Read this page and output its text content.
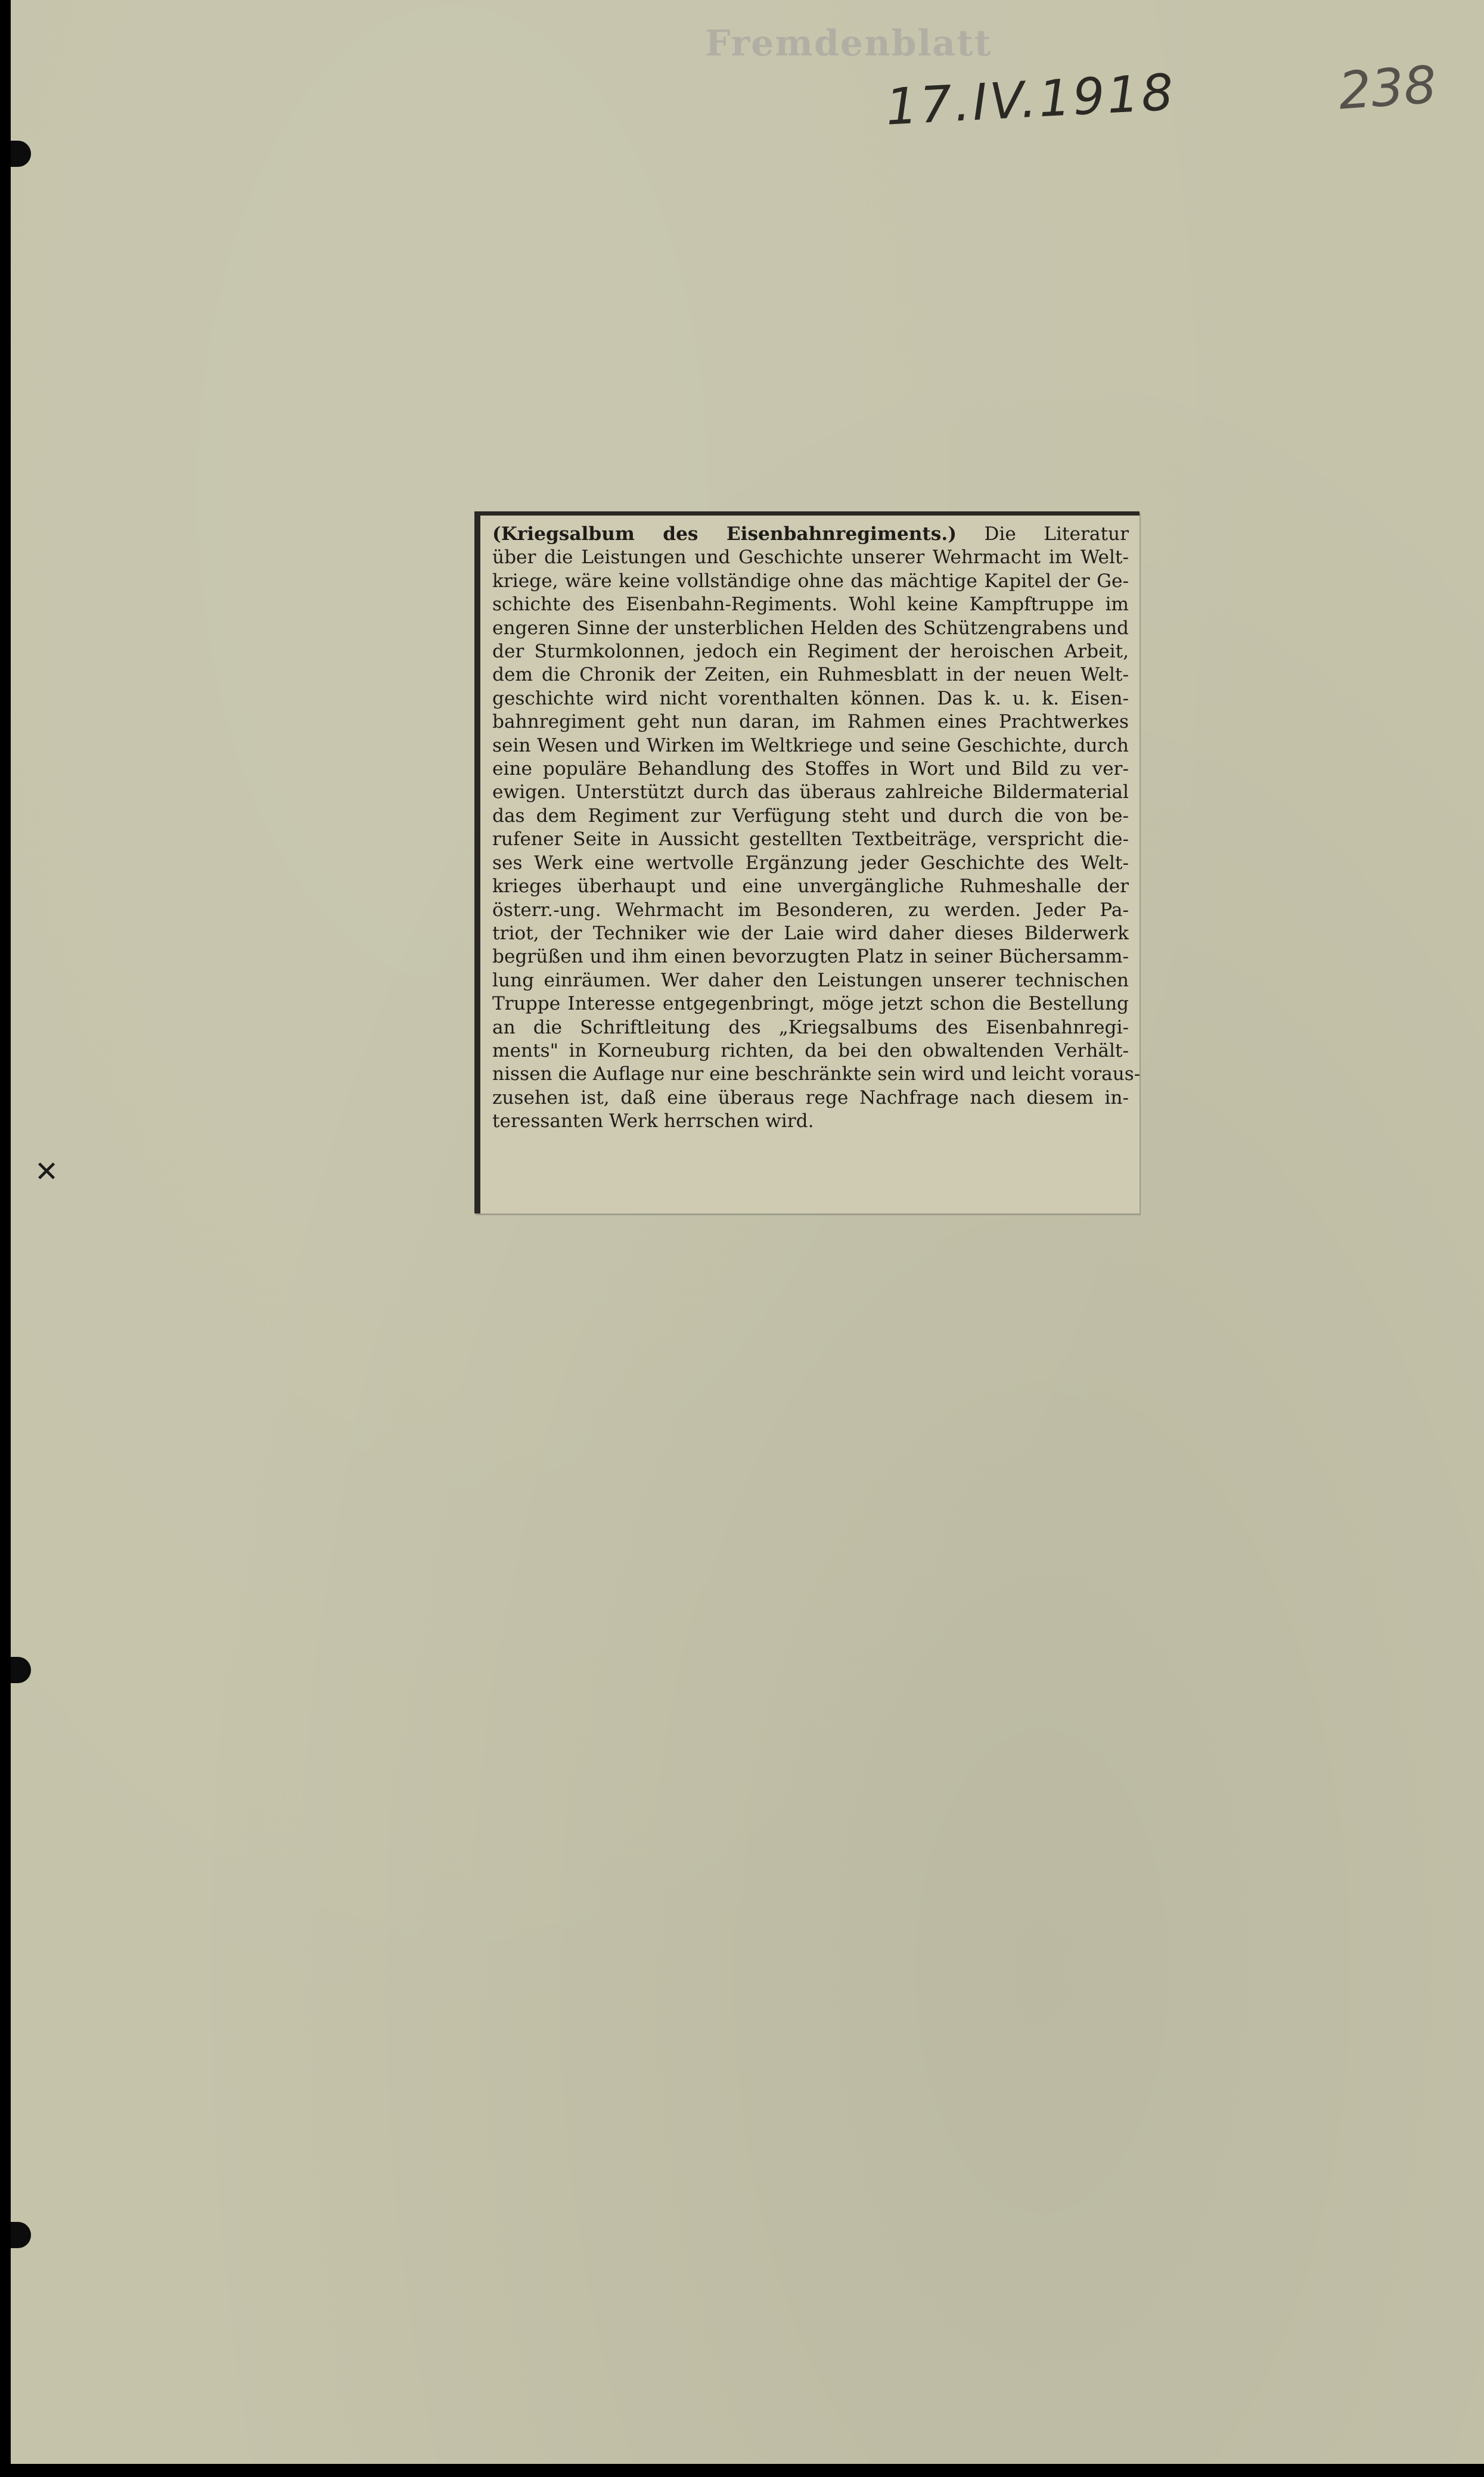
Fremdenblatt
17.IV.1918	238
✕
(Kriegsalbum des Eisenbahnregiments.) Die Literatur
über die Leistungen und Geschichte unserer Wehrmacht im Welt-
kriege, wäre keine vollständige ohne das mächtige Kapitel der Ge-
schichte des Eisenbahn-Regiments. Wohl keine Kampftruppe im
engeren Sinne der unsterblichen Helden des Schützengrabens und
der Sturmkolonnen, jedoch ein Regiment der heroischen Arbeit,
dem die Chronik der Zeiten, ein Ruhmesblatt in der neuen Welt-
geschichte wird nicht vorenthalten können. Das k. u. k. Eisen-
bahnregiment geht nun daran, im Rahmen eines Prachtwerkes
sein Wesen und Wirken im Weltkriege und seine Geschichte, durch
eine populäre Behandlung des Stoffes in Wort und Bild zu ver-
ewigen. Unterstützt durch das überaus zahlreiche Bildermaterial
das dem Regiment zur Verfügung steht und durch die von be-
rufener Seite in Aussicht gestellten Textbeiträge, verspricht die-
ses Werk eine wertvolle Ergänzung jeder Geschichte des Welt-
krieges überhaupt und eine unvergängliche Ruhmeshalle der
österr.-ung. Wehrmacht im Besonderen, zu werden. Jeder Pa-
triot, der Techniker wie der Laie wird daher dieses Bilderwerk
begrüßen und ihm einen bevorzugten Platz in seiner Büchersamm-
lung einräumen. Wer daher den Leistungen unserer technischen
Truppe Interesse entgegenbringt, möge jetzt schon die Bestellung
an die Schriftleitung des „Kriegsalbums des Eisenbahnregi-
ments" in Korneuburg richten, da bei den obwaltenden Verhält-
nissen die Auflage nur eine beschränkte sein wird und leicht voraus-
zusehen ist, daß eine überaus rege Nachfrage nach diesem in-
teressanten Werk herrschen wird.
